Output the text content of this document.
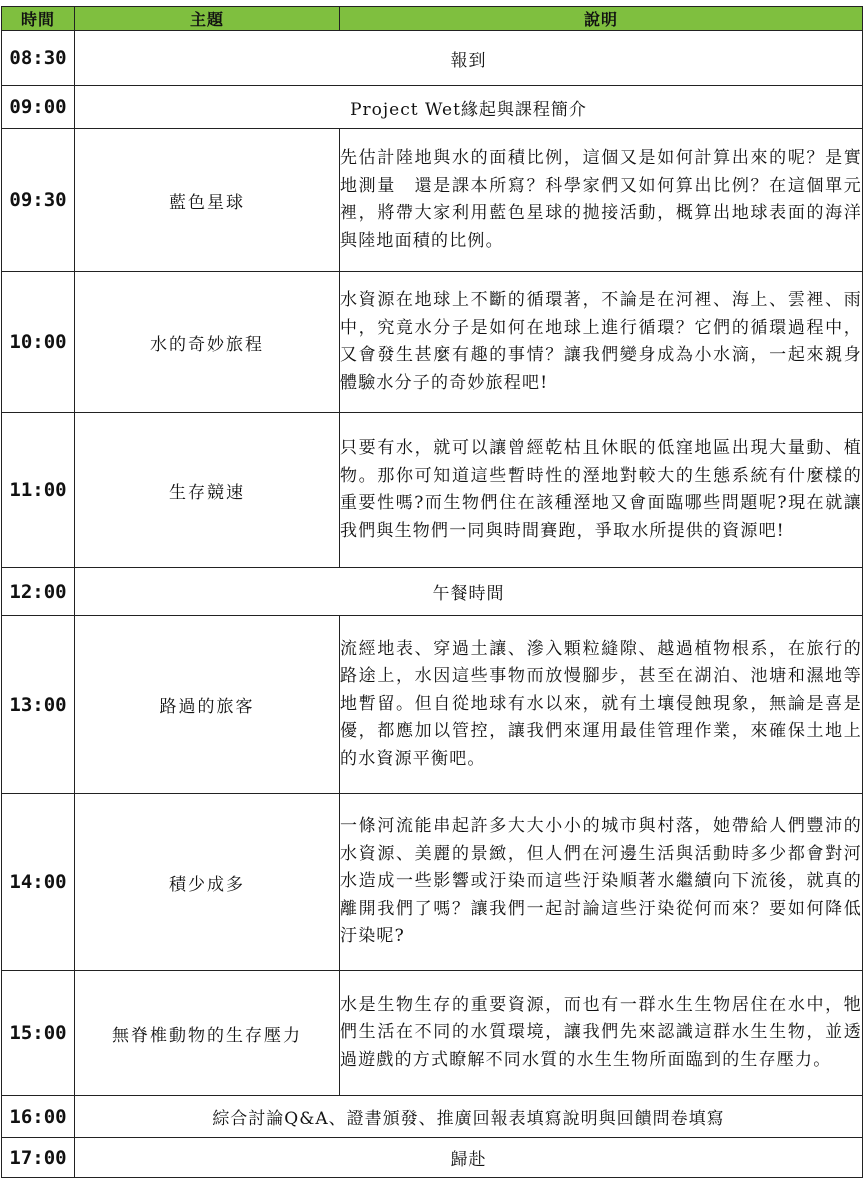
時間	主題	說明
08:30	報到	
09:00	Project Wet緣起與課程簡介	
09:30	藍色星球	先估計陸地與水的面積比例，這個又是如何計算出來的呢？是實地測量　還是課本所寫？科學家們又如何算出比例？在這個單元裡，將帶大家利用藍色星球的拋接活動，概算出地球表面的海洋與陸地面積的比例。
10:00	水的奇妙旅程	水資源在地球上不斷的循環著，不論是在河裡、海上、雲裡、雨中，究竟水分子是如何在地球上進行循環？它們的循環過程中，又會發生甚麼有趣的事情？讓我們變身成為小水滴，一起來親身體驗水分子的奇妙旅程吧!
11:00	生存競速	只要有水，就可以讓曾經乾枯且休眠的低窪地區出現大量動、植物。那你可知道這些暫時性的溼地對較大的生態系統有什麼樣的重要性嗎?而生物們住在該種溼地又會面臨哪些問題呢?現在就讓我們與生物們一同與時間賽跑，爭取水所提供的資源吧!
12:00	午餐時間	
13:00	路過的旅客	流經地表、穿過土讓、滲入顆粒縫隙、越過植物根系，在旅行的路途上，水因這些事物而放慢腳步，甚至在湖泊、池塘和濕地等地暫留。但自從地球有水以來，就有土壤侵蝕現象，無論是喜是優，都應加以管控，讓我們來運用最佳管理作業，來確保土地上的水資源平衡吧。
14:00	積少成多	一條河流能串起許多大大小小的城市與村落，她帶給人們豐沛的水資源、美麗的景緻，但人們在河邊生活與活動時多少都會對河水造成一些影響或汙染而這些汙染順著水繼續向下流後，就真的離開我們了嗎？讓我們一起討論這些汙染從何而來？要如何降低汙染呢?
15:00	無脊椎動物的生存壓力	水是生物生存的重要資源，而也有一群水生生物居住在水中，牠們生活在不同的水質環境，讓我們先來認識這群水生生物，並透過遊戲的方式瞭解不同水質的水生生物所面臨到的生存壓力。
16:00	綜合討論Q&A、證書頒發、推廣回報表填寫說明與回饋問卷填寫	
17:00	歸赴	
